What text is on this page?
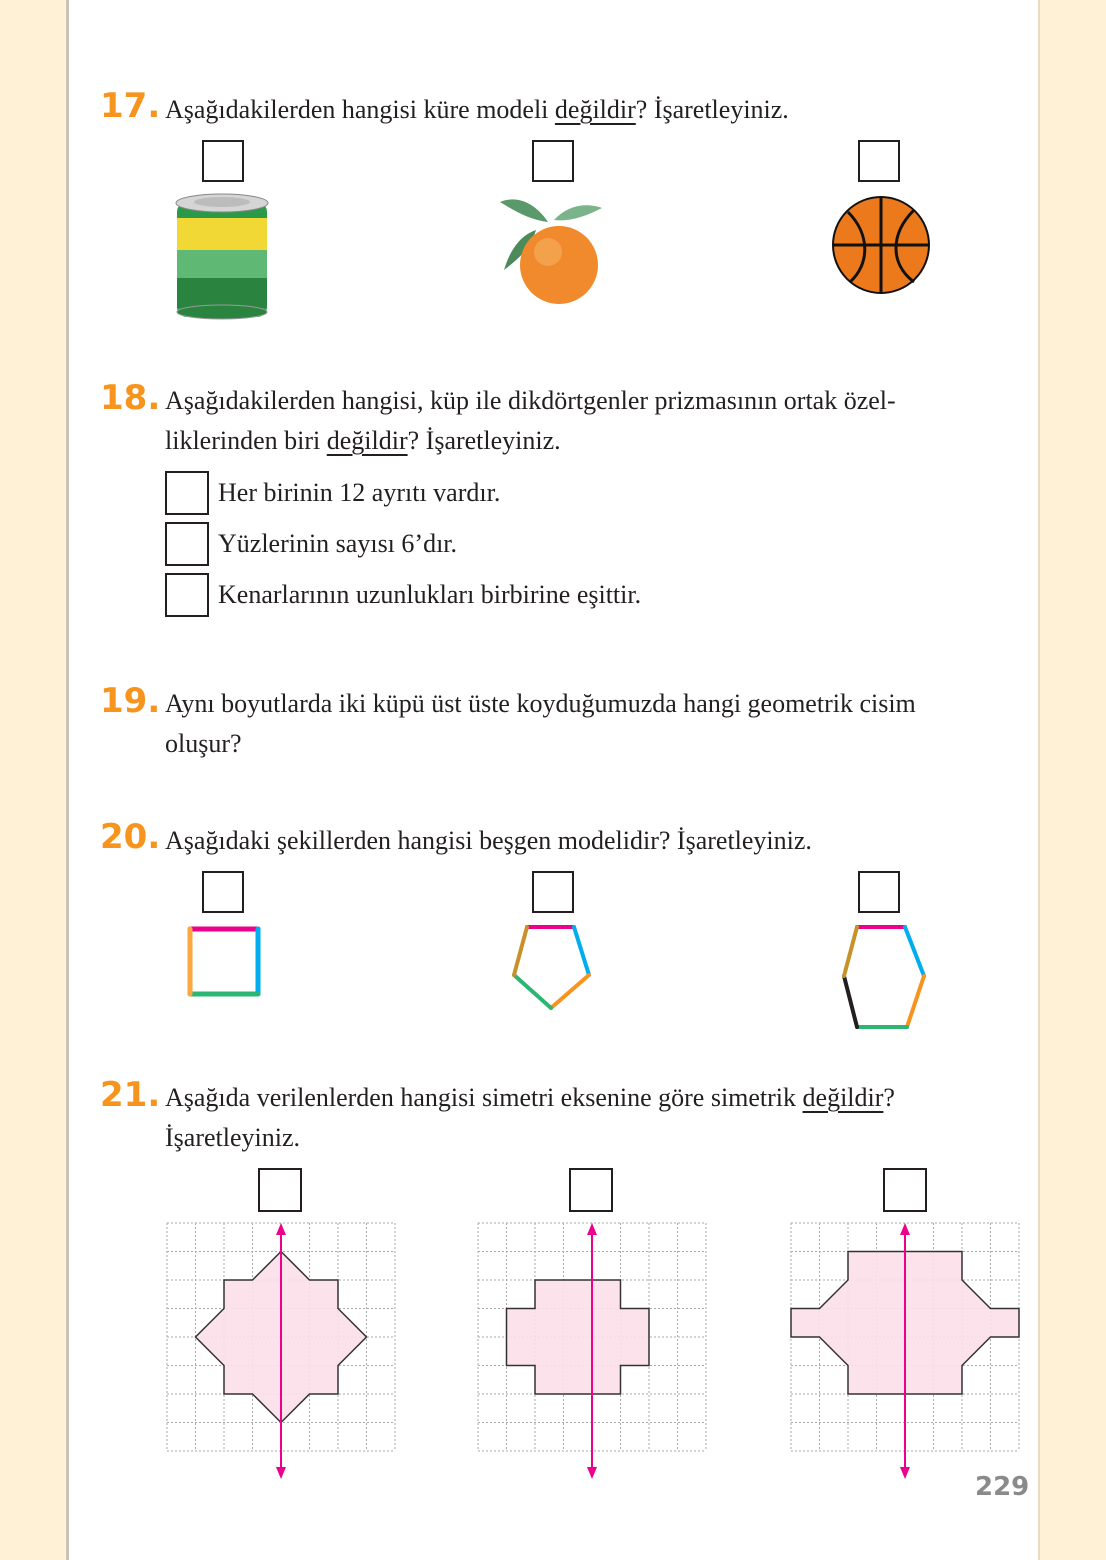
17. Aşağıdakilerden hangisi küre modeli değildir? İşaretleyiniz.
18. Aşağıdakilerden hangisi, küp ile dikdörtgenler prizmasının ortak özel-
liklerinden biri değildir? İşaretleyiniz.
Her birinin 12 ayrıtı vardır.
Yüzlerinin sayısı 6’dır.
Kenarlarının uzunlukları birbirine eşittir.
19. Aynı boyutlarda iki küpü üst üste koyduğumuzda hangi geometrik cisim
oluşur?
20. Aşağıdaki şekillerden hangisi beşgen modelidir? İşaretleyiniz.
21. Aşağıda verilenlerden hangisi simetri eksenine göre simetrik değildir?
İşaretleyiniz.
229
